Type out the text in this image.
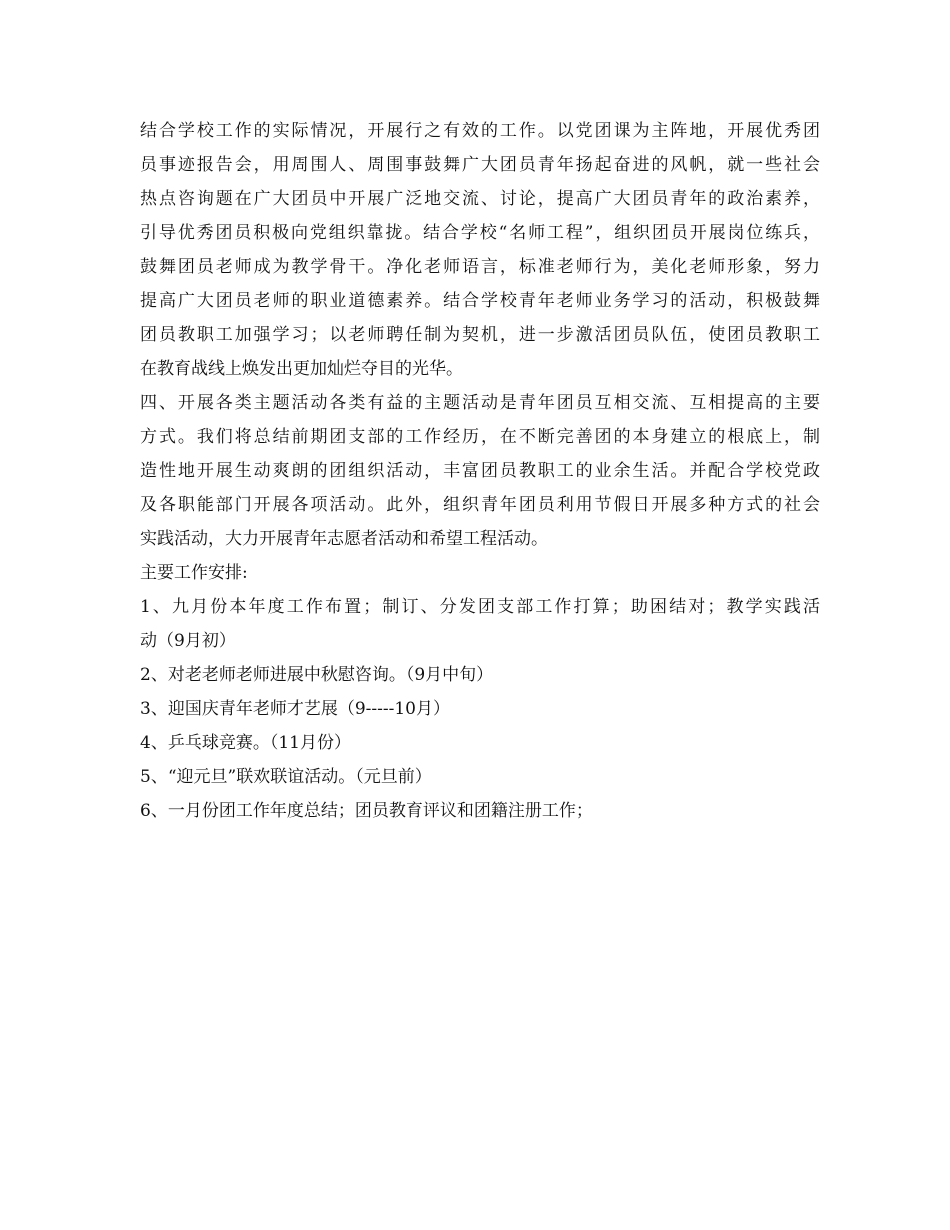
结合学校工作的实际情况，开展行之有效的工作。以党团课为主阵地，开展优秀团
员事迹报告会，用周围人、周围事鼓舞广大团员青年扬起奋进的风帆，就一些社会
热点咨询题在广大团员中开展广泛地交流、讨论，提高广大团员青年的政治素养，
引导优秀团员积极向党组织靠拢。结合学校“名师工程”，组织团员开展岗位练兵，
鼓舞团员老师成为教学骨干。净化老师语言，标准老师行为，美化老师形象，努力
提高广大团员老师的职业道德素养。结合学校青年老师业务学习的活动，积极鼓舞
团员教职工加强学习；以老师聘任制为契机，进一步激活团员队伍，使团员教职工
在教育战线上焕发出更加灿烂夺目的光华。
四、开展各类主题活动各类有益的主题活动是青年团员互相交流、互相提高的主要
方式。我们将总结前期团支部的工作经历，在不断完善团的本身建立的根底上，制
造性地开展生动爽朗的团组织活动，丰富团员教职工的业余生活。并配合学校党政
及各职能部门开展各项活动。此外，组织青年团员利用节假日开展多种方式的社会
实践活动，大力开展青年志愿者活动和希望工程活动。
主要工作安排:
1、九月份本年度工作布置；制订、分发团支部工作打算；助困结对；教学实践活
动（9月初）
2、对老老师老师进展中秋慰咨询。（9月中旬）
3、迎国庆青年老师才艺展（9-----10月）
4、乒乓球竞赛。（11月份）
5、“迎元旦”联欢联谊活动。（元旦前）
6、一月份团工作年度总结；团员教育评议和团籍注册工作；
